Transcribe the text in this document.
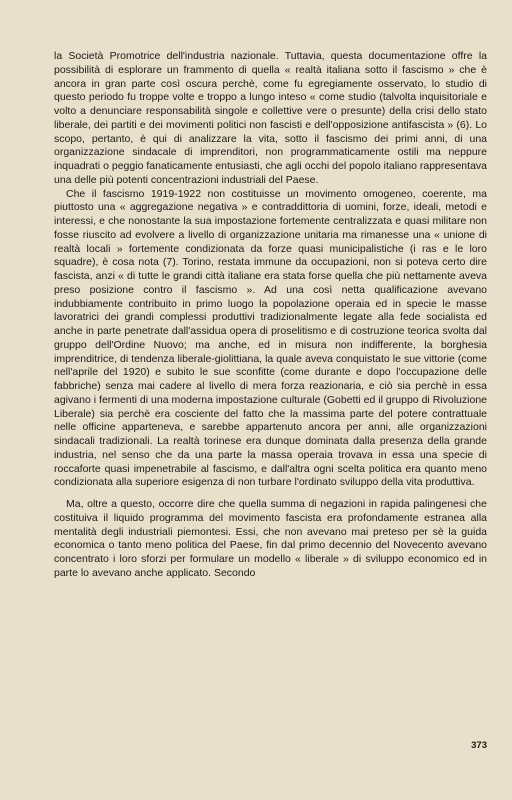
la Società Promotrice dell'industria nazionale. Tuttavia, questa documentazione offre la possibilità di esplorare un frammento di quella « realtà italiana sotto il fascismo » che è ancora in gran parte così oscura perchè, come fu egregiamente osservato, lo studio di questo periodo fu troppe volte e troppo a lungo inteso « come studio (talvolta inquisitoriale e volto a denunciare responsabilità singole e collettive vere o presunte) della crisi dello stato liberale, dei partiti e dei movimenti politici non fascisti e dell'opposizione antifascista » (6). Lo scopo, pertanto, è qui di analizzare la vita, sotto il fascismo dei primi anni, di una organizzazione sindacale di imprenditori, non programmaticamente ostili ma neppure inquadrati o peggio fanaticamente entusiasti, che agli occhi del popolo italiano rappresentava una delle più potenti concentrazioni industriali del Paese.

Che il fascismo 1919-1922 non costituisse un movimento omogeneo, coerente, ma piuttosto una « aggregazione negativa » e contraddittoria di uomini, forze, ideali, metodi e interessi, e che nonostante la sua impostazione fortemente centralizzata e quasi militare non fosse riuscito ad evolvere a livello di organizzazione unitaria ma rimanesse una « unione di realtà locali » fortemente condizionata da forze quasi municipalistiche (i ras e le loro squadre), è cosa nota (7). Torino, restata immune da occupazioni, non si poteva certo dire fascista, anzi « di tutte le grandi città italiane era stata forse quella che più nettamente aveva preso posizione contro il fascismo ». Ad una così netta qualificazione avevano indubbiamente contribuito in primo luogo la popolazione operaia ed in specie le masse lavoratrici dei grandi complessi produttivi tradizionalmente legate alla fede socialista ed anche in parte penetrate dall'assidua opera di proselitismo e di costruzione teorica svolta dal gruppo dell'Ordine Nuovo; ma anche, ed in misura non indifferente, la borghesia imprenditrice, di tendenza liberale-giolittiana, la quale aveva conquistato le sue vittorie (come nell'aprile del 1920) e subito le sue sconfitte (come durante e dopo l'occupazione delle fabbriche) senza mai cadere al livello di mera forza reazionaria, e ciò sia perchè in essa agivano i fermenti di una moderna impostazione culturale (Gobetti ed il gruppo di Rivoluzione Liberale) sia perchè era cosciente del fatto che la massima parte del potere contrattuale nelle officine apparteneva, e sarebbe appartenuto ancora per anni, alle organizzazioni sindacali tradizionali. La realtà torinese era dunque dominata dalla presenza della grande industria, nel senso che da una parte la massa operaia trovava in essa una specie di roccaforte quasi impenetrabile al fascismo, e dall'altra ogni scelta politica era quanto meno condizionata alla superiore esigenza di non turbare l'ordinato sviluppo della vita produttiva.

Ma, oltre a questo, occorre dire che quella summa di negazioni in rapida palingenesi che costituiva il liquido programma del movimento fascista era profondamente estranea alla mentalità degli industriali piemontesi. Essi, che non avevano mai preteso per sè la guida economica o tanto meno politica del Paese, fin dal primo decennio del Novecento avevano concentrato i loro sforzi per formulare un modello « liberale » di sviluppo economico ed in parte lo avevano anche applicato. Secondo

373
